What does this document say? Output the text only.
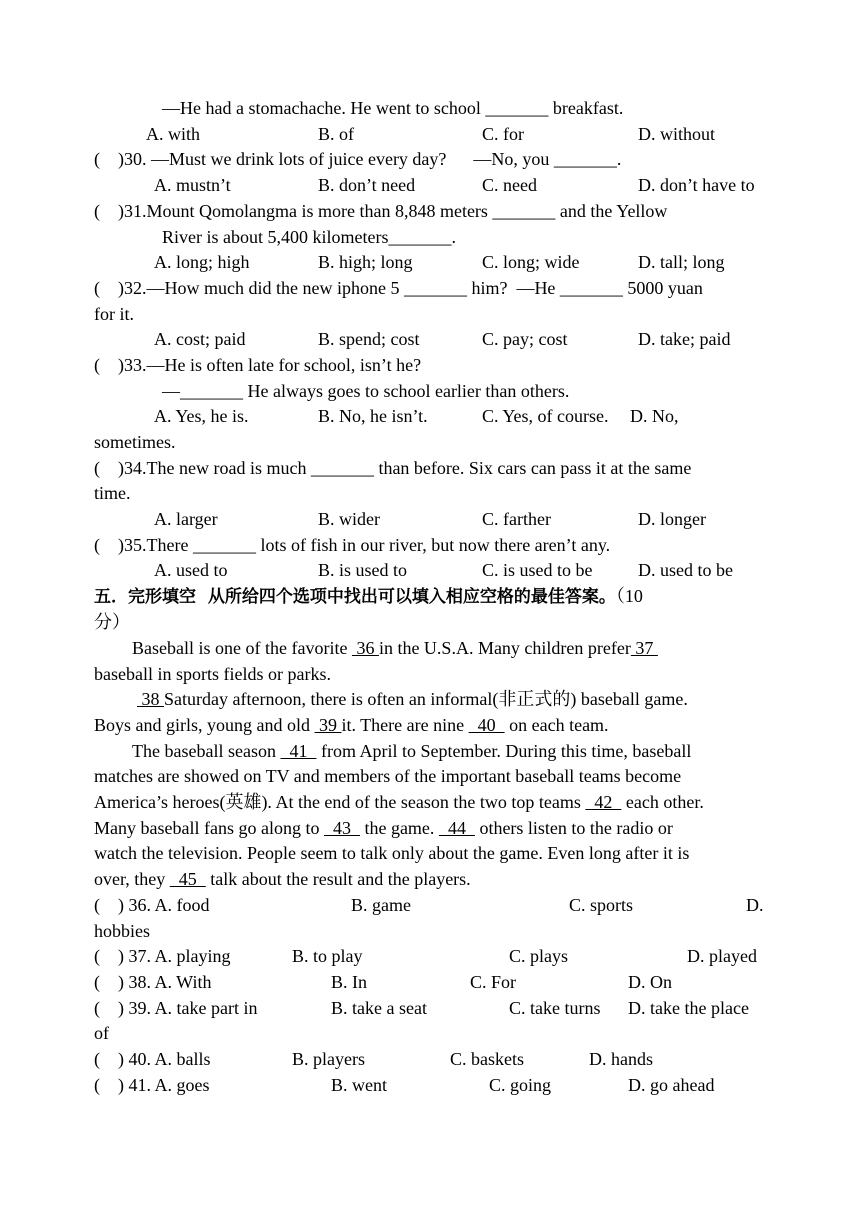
—He had a stomachache. He went to school _______ breakfast.
A. with	B. of	C. for	D. without
(    )30. —Must we drink lots of juice every day?      —No, you _______.
A. mustn’t	B. don’t need	C. need	D. don’t have to
(    )31.Mount Qomolangma is more than 8,848 meters _______ and the Yellow
River is about 5,400 kilometers_______.
A. long; high	B. high; long	C. long; wide	D. tall; long
(    )32.—How much did the new iphone 5 _______ him?  —He _______ 5000 yuan
for it.
A. cost; paid	B. spend; cost	C. pay; cost	D. take; paid
(    )33.—He is often late for school, isn’t he?
—_______ He always goes to school earlier than others.
A. Yes, he is.	B. No, he isn’t.	C. Yes, of course. D. No,
sometimes.
(    )34.The new road is much _______ than before. Six cars can pass it at the same
time.
A. larger	B. wider	C. farther	D. longer
(    )35.There _______ lots of fish in our river, but now there aren’t any.
A. used to	B. is used to	C. is used to be	D. used to be
五．完形填空  从所给四个选项中找出可以填入相应空格的最佳答案。（10
分）
Baseball is one of the favorite  36 in the U.S.A. Many children prefer 37
baseball in sports fields or parks.
38 Saturday afternoon, there is often an informal(非正式的) baseball game.
Boys and girls, young and old  39 it. There are nine   40   on each team.
The baseball season   41   from April to September. During this time, baseball
matches are showed on TV and members of the important baseball teams become
America’s heroes(英雄). At the end of the season the two top teams   42   each other.
Many baseball fans go along to   43   the game.   44   others listen to the radio or
watch the television. People seem to talk only about the game. Even long after it is
over, they   45   talk about the result and the players.
(    ) 36. A. food	B. game	C. sports	D.
hobbies
(    ) 37. A. playing	B. to play	C. plays	D. played
(    ) 38. A. With	B. In	C. For	D. On
(    ) 39. A. take part in	B. take a seat	C. take turns D. take the place
of
(    ) 40. A. balls	B. players	C. baskets	D. hands
(    ) 41. A. goes	B. went	C. going	D. go ahead
